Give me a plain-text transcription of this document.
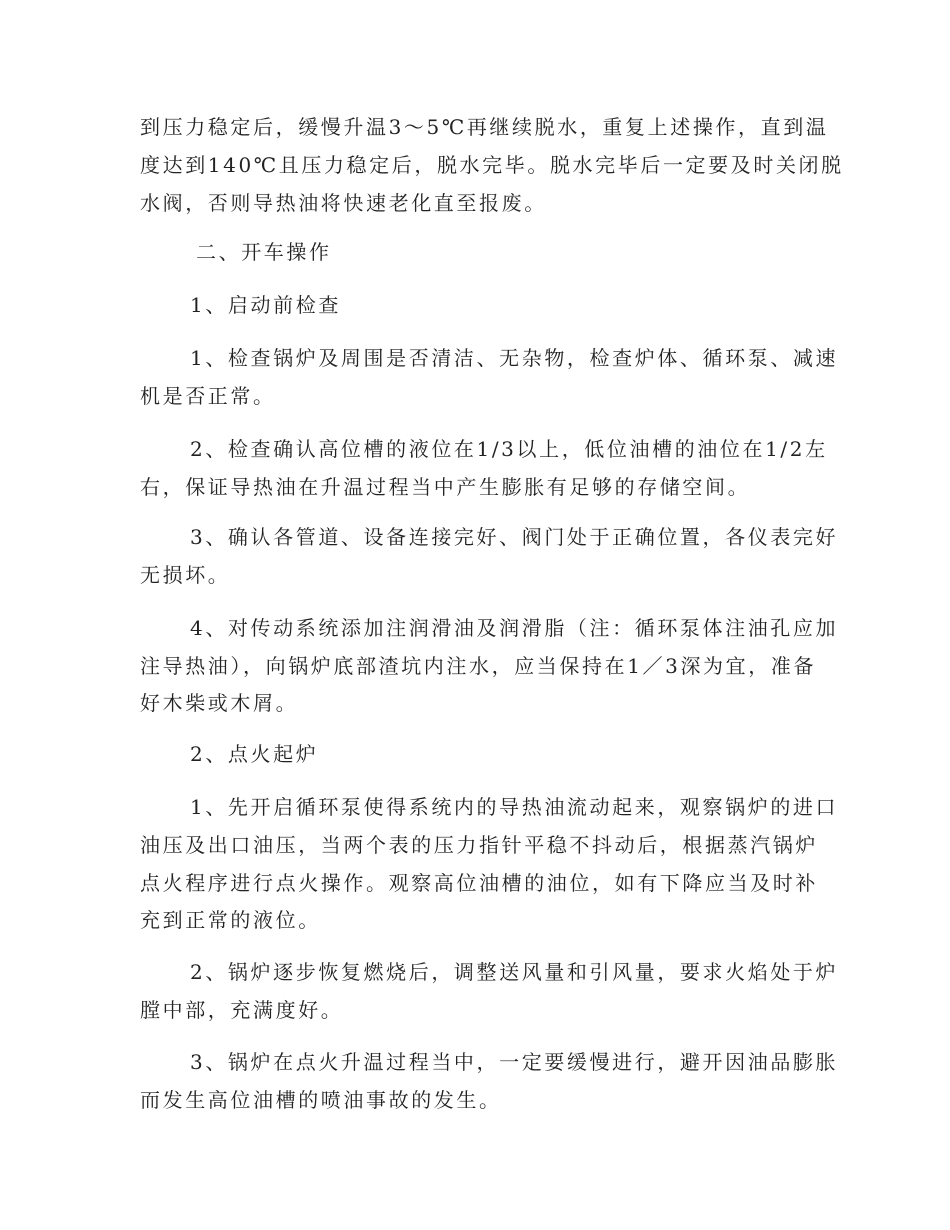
到压力稳定后，缓慢升温3～5℃再继续脱水，重复上述操作，直到温
度达到140℃且压力稳定后，脱水完毕。脱水完毕后一定要及时关闭脱
水阀，否则导热油将快速老化直至报废。
二、开车操作
1、启动前检查
1、检查锅炉及周围是否清洁、无杂物，检查炉体、循环泵、减速
机是否正常。
2、检查确认高位槽的液位在1/3以上，低位油槽的油位在1/2左
右，保证导热油在升温过程当中产生膨胀有足够的存储空间。
3、确认各管道、设备连接完好、阀门处于正确位置，各仪表完好
无损坏。
4、对传动系统添加注润滑油及润滑脂（注：循环泵体注油孔应加
注导热油），向锅炉底部渣坑内注水，应当保持在1／3深为宜，准备
好木柴或木屑。
2、点火起炉
1、先开启循环泵使得系统内的导热油流动起来，观察锅炉的进口
油压及出口油压，当两个表的压力指针平稳不抖动后，根据蒸汽锅炉
点火程序进行点火操作。观察高位油槽的油位，如有下降应当及时补
充到正常的液位。
2、锅炉逐步恢复燃烧后，调整送风量和引风量，要求火焰处于炉
膛中部，充满度好。
3、锅炉在点火升温过程当中，一定要缓慢进行，避开因油品膨胀
而发生高位油槽的喷油事故的发生。
